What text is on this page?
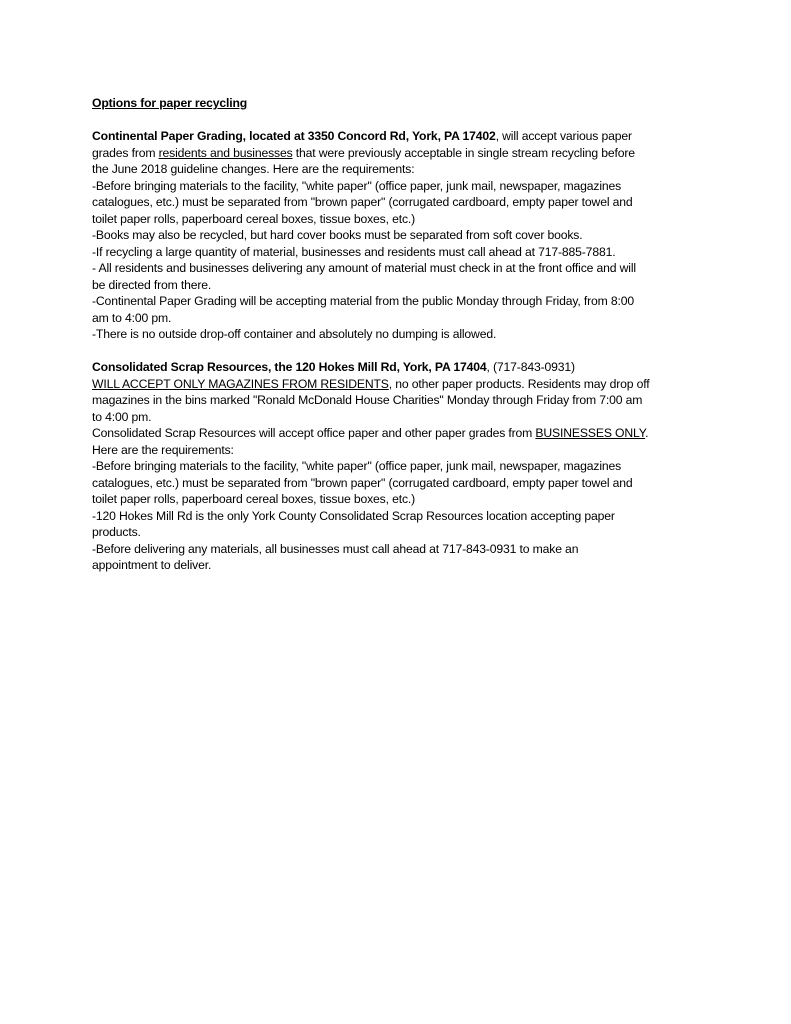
Options for paper recycling
Continental Paper Grading, located at 3350 Concord Rd, York, PA 17402, will accept various paper
grades from residents and businesses that were previously acceptable in single stream recycling before
the June 2018 guideline changes. Here are the requirements:
-Before bringing materials to the facility, "white paper" (office paper, junk mail, newspaper, magazines
catalogues, etc.) must be separated from "brown paper" (corrugated cardboard, empty paper towel and
toilet paper rolls, paperboard cereal boxes, tissue boxes, etc.)
-Books may also be recycled, but hard cover books must be separated from soft cover books.
-If recycling a large quantity of material, businesses and residents must call ahead at 717-885-7881.
- All residents and businesses delivering any amount of material must check in at the front office and will
be directed from there.
-Continental Paper Grading will be accepting material from the public Monday through Friday, from 8:00
am to 4:00 pm.
-There is no outside drop-off container and absolutely no dumping is allowed.
Consolidated Scrap Resources, the 120 Hokes Mill Rd, York, PA 17404, (717-843-0931)
WILL ACCEPT ONLY MAGAZINES FROM RESIDENTS, no other paper products. Residents may drop off
magazines in the bins marked "Ronald McDonald House Charities" Monday through Friday from 7:00 am
to 4:00 pm.
Consolidated Scrap Resources will accept office paper and other paper grades from BUSINESSES ONLY.
Here are the requirements:
-Before bringing materials to the facility, "white paper" (office paper, junk mail, newspaper, magazines
catalogues, etc.) must be separated from "brown paper" (corrugated cardboard, empty paper towel and
toilet paper rolls, paperboard cereal boxes, tissue boxes, etc.)
-120 Hokes Mill Rd is the only York County Consolidated Scrap Resources location accepting paper
products.
-Before delivering any materials, all businesses must call ahead at 717-843-0931 to make an
appointment to deliver.
